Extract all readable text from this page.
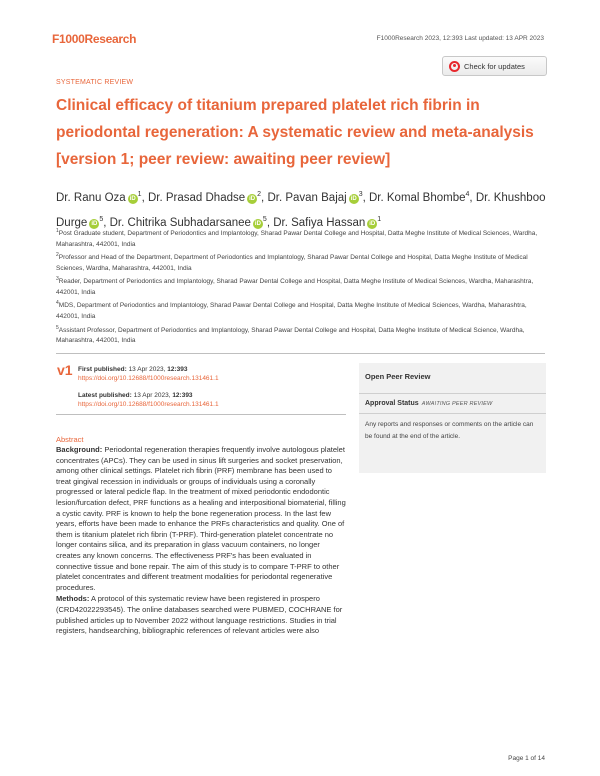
F1000Research	F1000Research 2023, 12:393 Last updated: 13 APR 2023
Check for updates
SYSTEMATIC REVIEW
Clinical efficacy of titanium prepared platelet rich fibrin in periodontal regeneration: A systematic review and meta-analysis [version 1; peer review: awaiting peer review]
Dr. Ranu Oza $iD^1$, Dr. Prasad Dhadse $iD^2$, Dr. Pavan Bajaj $iD^3$, Dr. Komal Bhombe$^4$, Dr. Khushboo Durge $iD^5$, Dr. Chitrika Subhadarsanee $iD^5$, Dr. Safiya Hassan $iD^1$
$^1$Post Graduate student, Department of Periodontics and Implantology, Sharad Pawar Dental College and Hospital, Datta Meghe Institute of Medical Sciences, Wardha, Maharashtra, 442001, India
$^2$Professor and Head of the Department, Department of Periodontics and Implantology, Sharad Pawar Dental College and Hospital, Datta Meghe Institute of Medical Sciences, Wardha, Maharashtra, 442001, India
$^3$Reader, Department of Periodontics and Implantology, Sharad Pawar Dental College and Hospital, Datta Meghe Institute of Medical Sciences, Wardha, Maharashtra, 442001, India
$^4$MDS, Department of Periodontics and Implantology, Sharad Pawar Dental College and Hospital, Datta Meghe Institute of Medical Sciences, Wardha, Maharashtra, 442001, India
$^5$Assistant Professor, Department of Periodontics and Implantology, Sharad Pawar Dental College and Hospital, Datta Meghe Institute of Medical Science, Wardha, Maharashtra, 442001, India
v1 First published: 13 Apr 2023, 12:393
https://doi.org/10.12688/f1000research.131461.1
Latest published: 13 Apr 2023, 12:393
https://doi.org/10.12688/f1000research.131461.1
Abstract

Background: Periodontal regeneration therapies frequently involve autologous platelet concentrates (APCs). They can be used in sinus lift surgeries and socket preservation, among other clinical settings. Platelet rich fibrin (PRF) membrane has been used to treat gingival recession in individuals or groups of individuals using a coronally progressed or lateral pedicle flap. In the treatment of mixed periodontic endodontic lesion/furcation defect, PRF functions as a healing and interpositional biomaterial, filling a cystic cavity. PRF is known to help the bone regeneration process. In the last few years, efforts have been made to enhance the PRFs characteristics and quality. One of them is titanium platelet rich fibrin (T-PRF). Third-generation platelet concentrate no longer contains silica, and its preparation in glass vacuum containers, no longer creates any known concerns. The effectiveness PRF's has been evaluated in connective tissue and bone repair. The aim of this study is to compare T-PRF to other platelet concentrates and different treatment modalities for periodontal regenerative procedures.

Methods: A protocol of this systematic review have been registered in prospero (CRD42022293545). The online databases searched were PUBMED, COCHRANE for published articles up to November 2022 without language restrictions. Studies in trial registers, handsearching, bibliographic references of relevant articles were also

Open Peer Review
Approval Status AWAITING PEER REVIEW
Any reports and responses or comments on the article can be found at the end of the article.
Page 1 of 14
